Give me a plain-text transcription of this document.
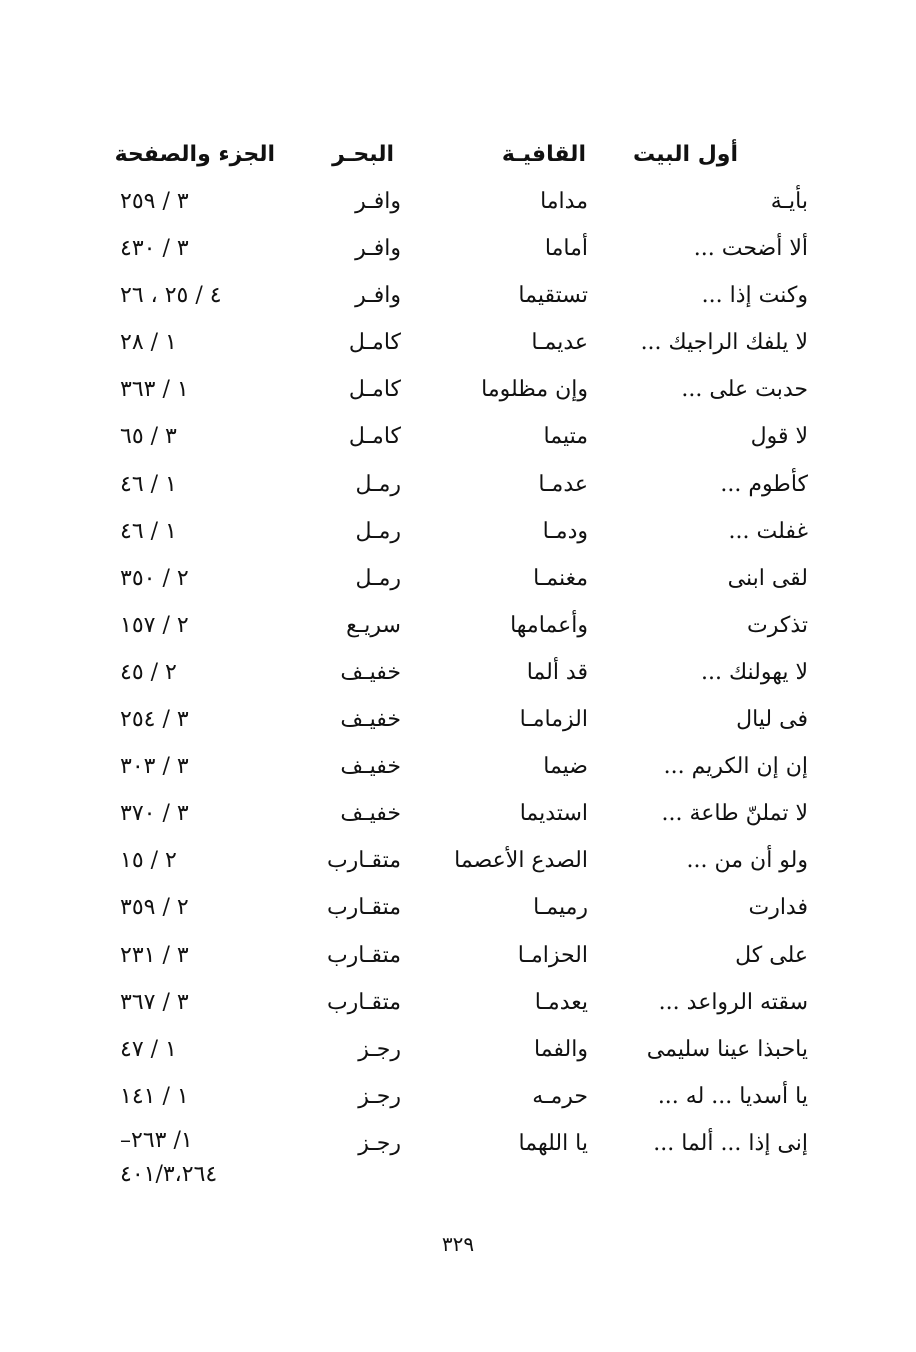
أول البيت
القافيـة
البحـر
الجزء والصفحة
بأيـة
مداما
وافـر
٣ / ٢٥٩
ألا أضحت ...
أماما
وافـر
٣ / ٤٣٠
وكنت إذا ...
تستقيما
وافـر
٤ / ٢٥ ، ٢٦
لا يلفك الراجيك ...
عديمـا
كامـل
١ / ٢٨
حدبت على ...
وإن مظلوما
كامـل
١ / ٣٦٣
لا قول
متيما
كامـل
٣ / ٦٥
كأطوم ...
عدمـا
رمـل
١ / ٤٦
غفلت ...
ودمـا
رمـل
١ / ٤٦
لقى ابنى
مغنمـا
رمـل
٢ / ٣٥٠
تذكرت
وأعمامها
سريـع
٢ / ١٥٧
لا يهولنك ...
قد ألما
خفيـف
٢ / ٤٥
فى ليال
الزمامـا
خفيـف
٣ / ٢٥٤
إن إن الكريم ...
ضيما
خفيـف
٣ / ٣٠٣
لا تملنّ طاعة ...
استديما
خفيـف
٣ / ٣٧٠
ولو أن من ...
الصدع الأعصما
متقـارب
٢ / ١٥
فدارت
رميمـا
متقـارب
٢ / ٣٥٩
على كل
الحزامـا
متقـارب
٣ / ٢٣١
سقته الرواعد ...
يعدمـا
متقـارب
٣ / ٣٦٧
ياحبذا عينا سليمى
والفما
رجـز
١ / ٤٧
يا أسديا ... له ...
حرمـه
رجـز
١ / ١٤١
إنى إذا ... ألما ...
يا اللهما
رجـز
١/ ٢٦٣–
٤٠١/٣،٢٦٤
٣٢٩
